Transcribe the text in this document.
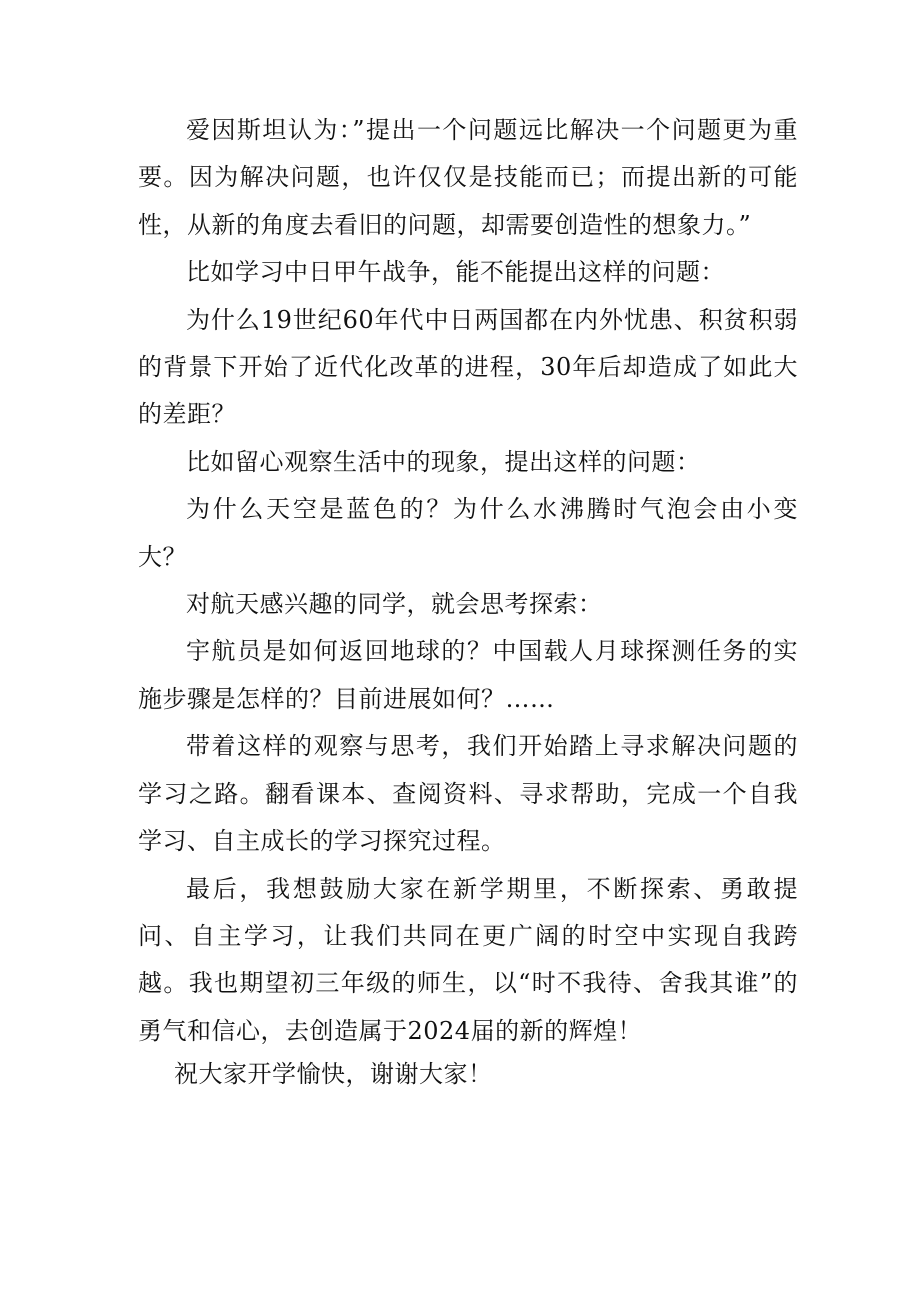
爱因斯坦认为：”提出一个问题远比解决一个问题更为重要。因为解决问题，也许仅仅是技能而已；而提出新的可能性，从新的角度去看旧的问题，却需要创造性的想象力。”

比如学习中日甲午战争，能不能提出这样的问题：

为什么19世纪60年代中日两国都在内外忧患、积贫积弱的背景下开始了近代化改革的进程，30年后却造成了如此大的差距？

比如留心观察生活中的现象，提出这样的问题：

为什么天空是蓝色的？为什么水沸腾时气泡会由小变大？

对航天感兴趣的同学，就会思考探索：

宇航员是如何返回地球的？中国载人月球探测任务的实施步骤是怎样的？目前进展如何？……

带着这样的观察与思考，我们开始踏上寻求解决问题的学习之路。翻看课本、查阅资料、寻求帮助，完成一个自我学习、自主成长的学习探究过程。

最后，我想鼓励大家在新学期里，不断探索、勇敢提问、自主学习，让我们共同在更广阔的时空中实现自我跨越。我也期望初三年级的师生，以“时不我待、舍我其谁”的勇气和信心，去创造属于2024届的新的辉煌！

祝大家开学愉快，谢谢大家！
